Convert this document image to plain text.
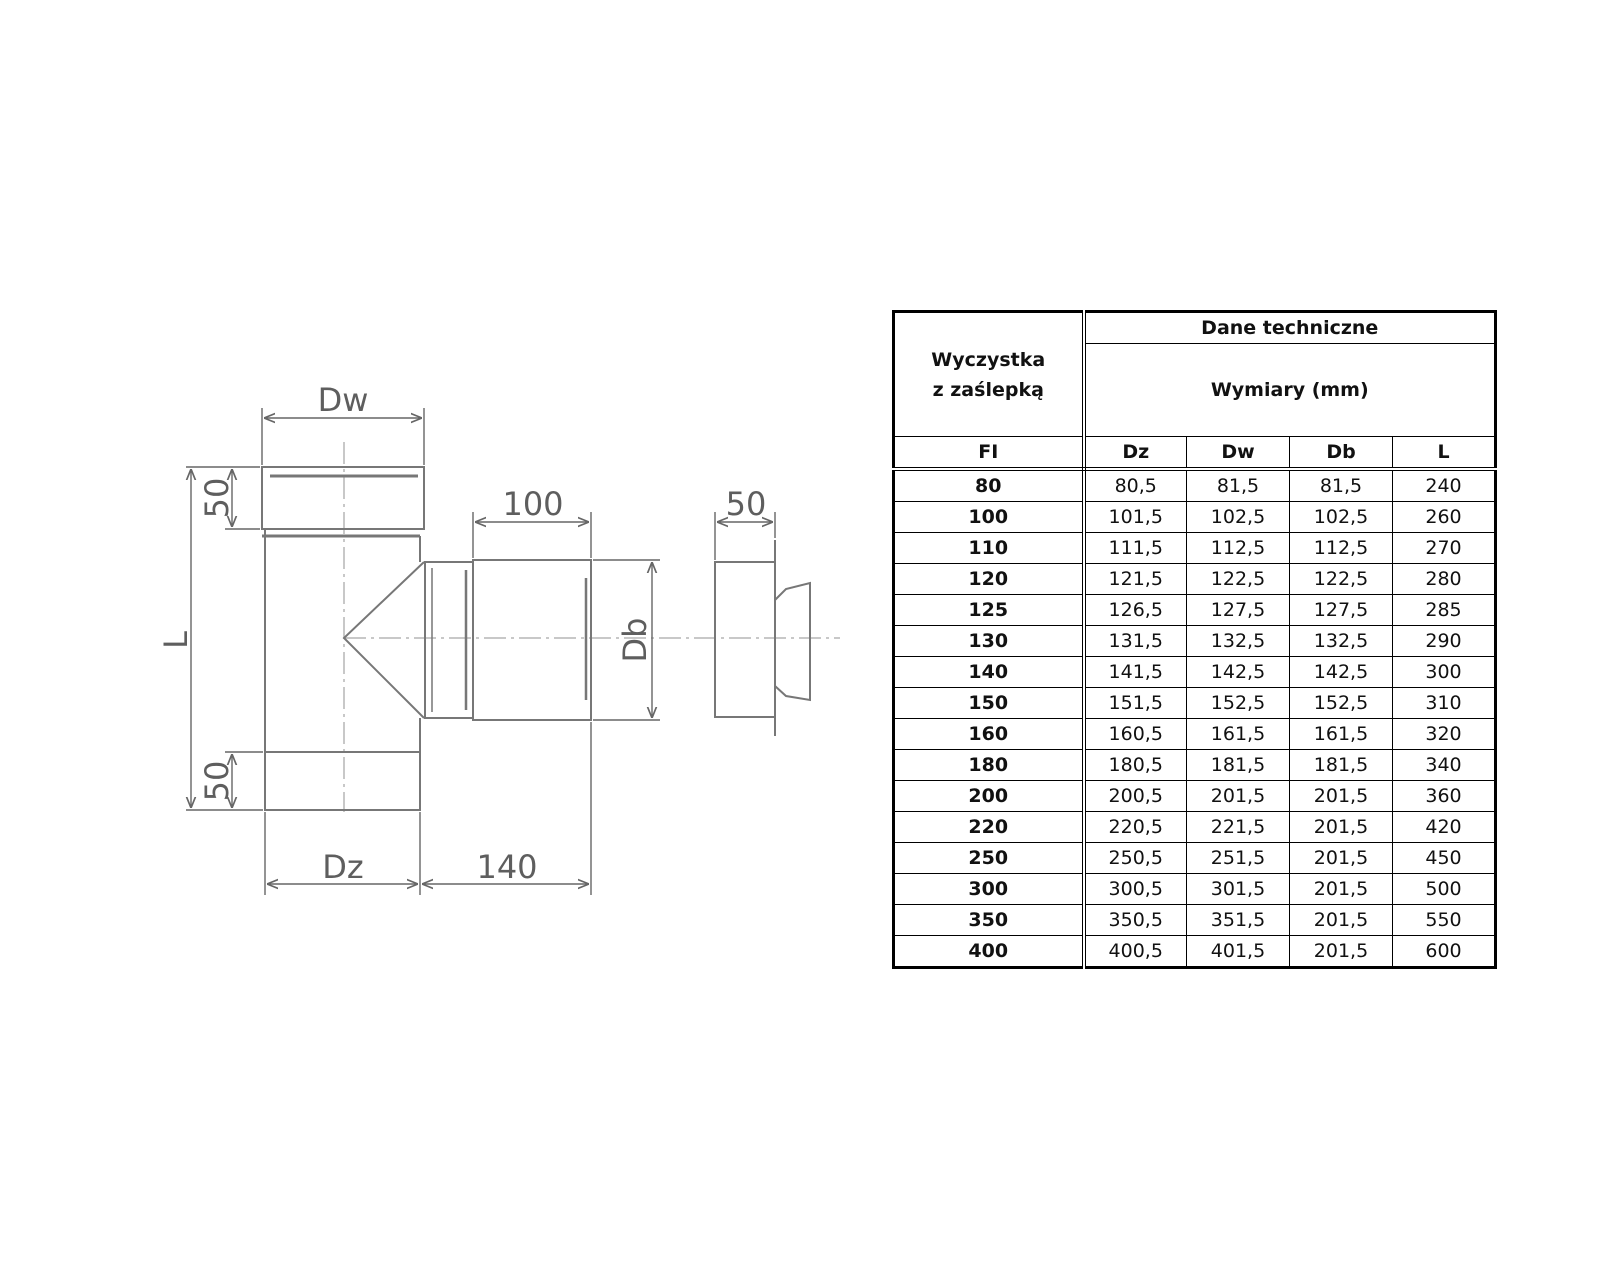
Dw
100	50
Dz	140
Db
L
50
50
Wyczystka z zaślepką	Dane techniczne			
	Wymiary (mm)			
FI	Dz	Dw	Db	L
80	80,5	81,5	81,5	240
100	101,5	102,5	102,5	260
110	111,5	112,5	112,5	270
120	121,5	122,5	122,5	280
125	126,5	127,5	127,5	285
130	131,5	132,5	132,5	290
140	141,5	142,5	142,5	300
150	151,5	152,5	152,5	310
160	160,5	161,5	161,5	320
180	180,5	181,5	181,5	340
200	200,5	201,5	201,5	360
220	220,5	221,5	201,5	420
250	250,5	251,5	201,5	450
300	300,5	301,5	201,5	500
350	350,5	351,5	201,5	550
400	400,5	401,5	201,5	600
